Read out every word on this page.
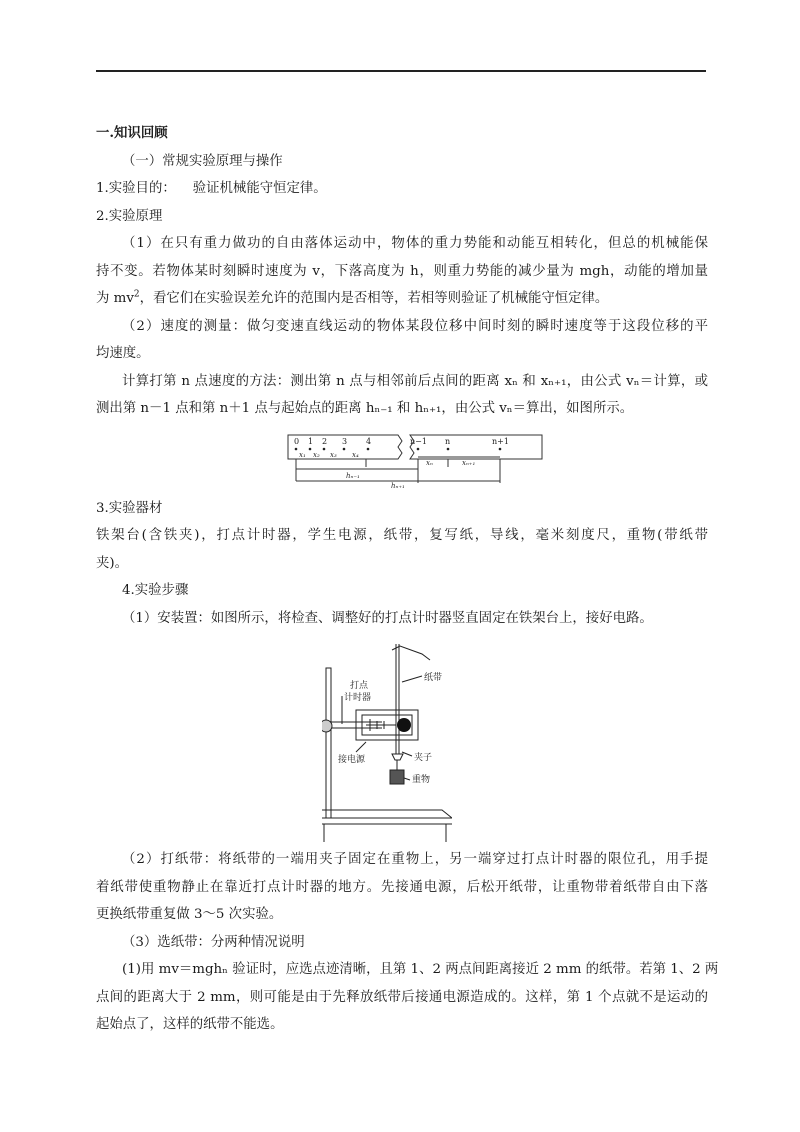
一.知识回顾
（一）常规实验原理与操作
1.实验目的： 验证机械能守恒定律。
2.实验原理
（1）在只有重力做功的自由落体运动中，物体的重力势能和动能互相转化，但总的机械能保
持不变。若物体某时刻瞬时速度为 v，下落高度为 h，则重力势能的减少量为 mgh，动能的增加量
为 $mv^2$，看它们在实验误差允许的范围内是否相等，若相等则验证了机械能守恒定律。
（2）速度的测量：做匀变速直线运动的物体某段位移中间时刻的瞬时速度等于这段位移的平
均速度。
计算打第 n 点速度的方法：测出第 n 点与相邻前后点间的距离 xₙ 和 xₙ₊₁，由公式 vₙ＝计算，或
测出第 n－1 点和第 n＋1 点与起始点的距离 hₙ₋₁ 和 hₙ₊₁，由公式 vₙ＝算出，如图所示。
0 1 2 3 4	n−1 n	n+1
x₁ x₂ x₃ x₄
xₙ	xₙ₊₁
hₙ₋₁
hₙ₊₁
3.实验器材
铁架台(含铁夹)，打点计时器，学生电源，纸带，复写纸，导线，毫米刻度尺，重物(带纸带
夹)。
4.实验步骤
（1）安装置：如图所示，将检查、调整好的打点计时器竖直固定在铁架台上，接好电路。
打点
计时器
纸带
接电源	夹子
重物
（2）打纸带：将纸带的一端用夹子固定在重物上，另一端穿过打点计时器的限位孔，用手提
着纸带使重物静止在靠近打点计时器的地方。先接通电源，后松开纸带，让重物带着纸带自由下落
更换纸带重复做 3～5 次实验。
（3）选纸带：分两种情况说明
(1)用 mv＝mghₙ 验证时，应选点迹清晰，且第 1、2 两点间距离接近 2 mm 的纸带。若第 1、2 两
点间的距离大于 2 mm，则可能是由于先释放纸带后接通电源造成的。这样，第 1 个点就不是运动的
起始点了，这样的纸带不能选。
